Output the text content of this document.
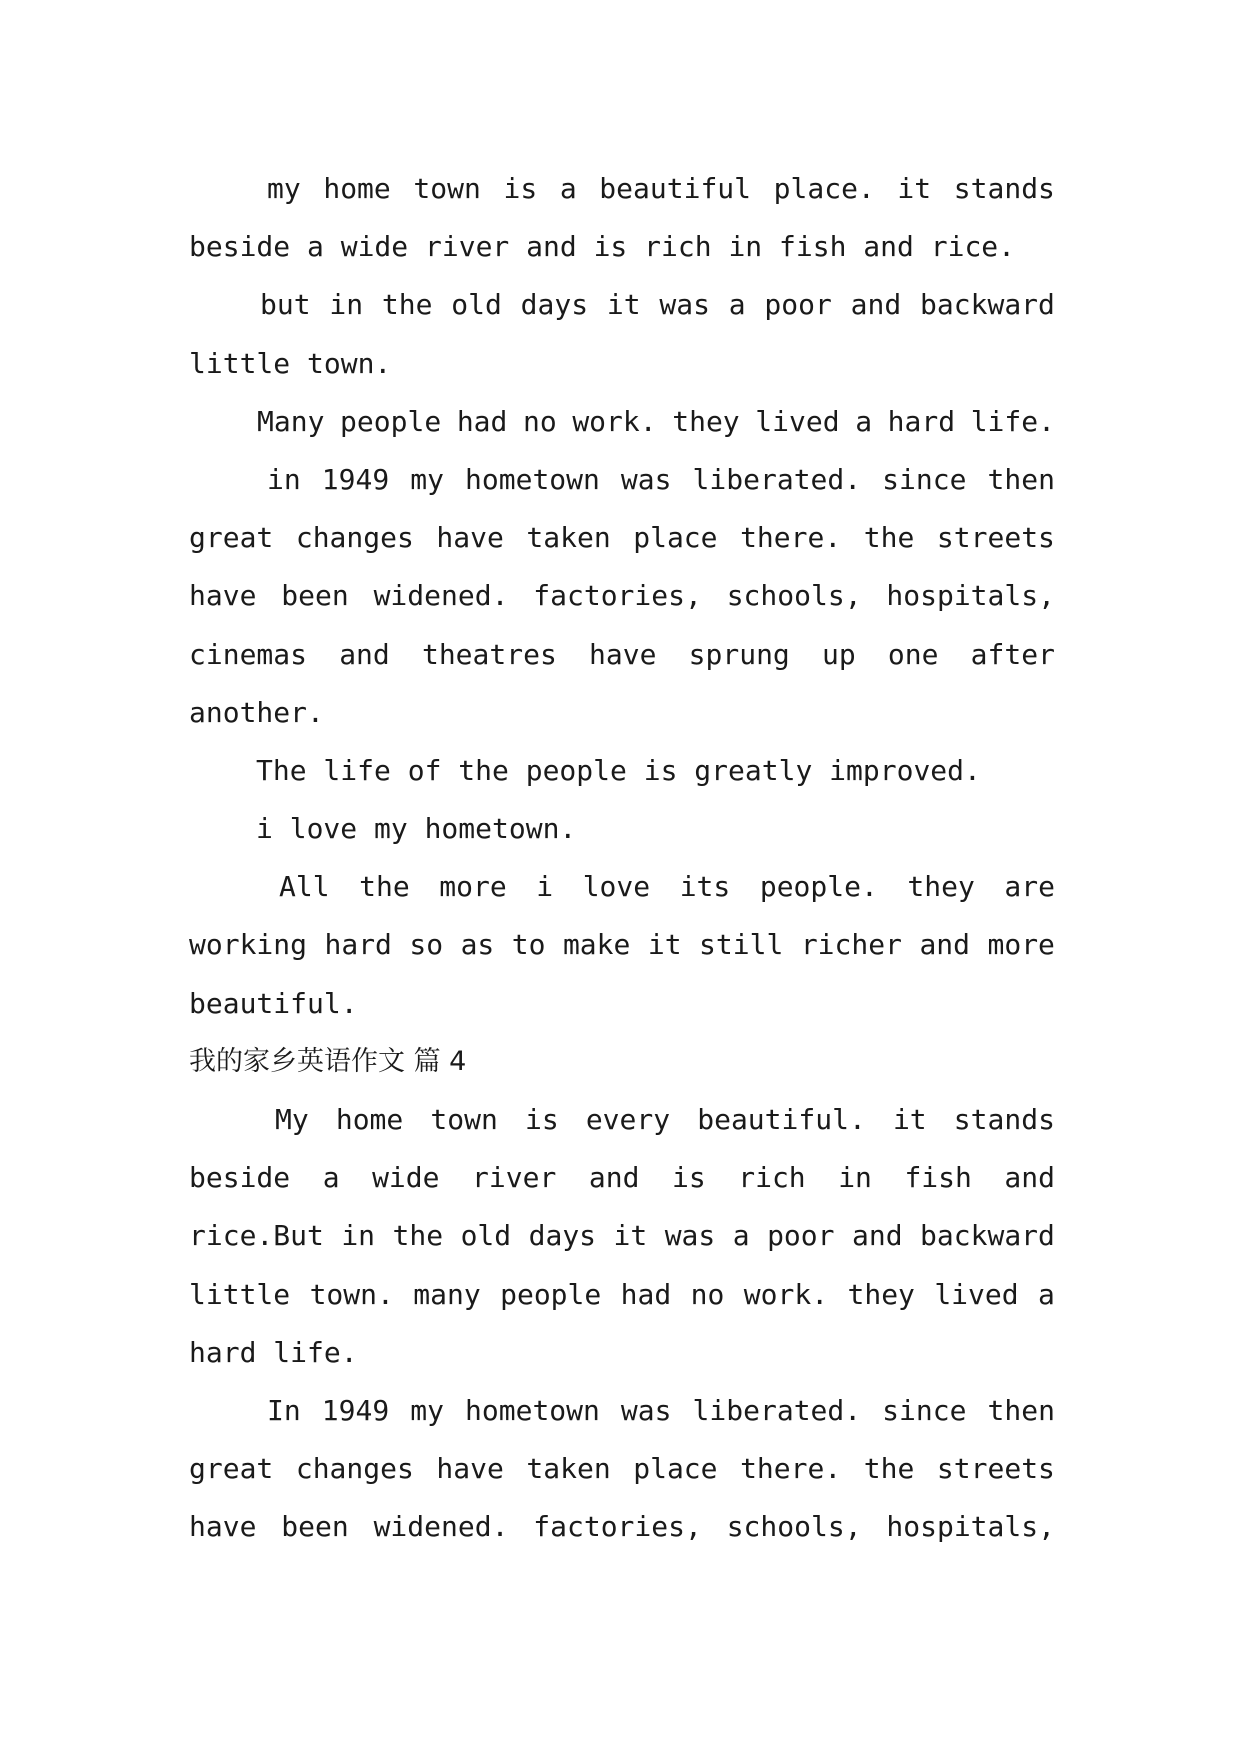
my home town is a beautiful place. it stands
beside a wide river and is rich in fish and rice.
but in the old days it was a poor and backward
little town.
Many people had no work. they lived a hard life.
in 1949 my hometown was liberated. since then
great changes have taken place there. the streets
have been widened. factories, schools, hospitals,
cinemas and theatres have sprung up one after
another.
The life of the people is greatly improved.
i love my hometown.
All the more i love its people. they are
working hard so as to make it still richer and more
beautiful.
我的家乡英语作文 篇 4
My home town is every beautiful. it stands
beside a wide river and is rich in fish and
rice.But in the old days it was a poor and backward
little town. many people had no work. they lived a
hard life.
In 1949 my hometown was liberated. since then
great changes have taken place there. the streets
have been widened. factories, schools, hospitals,
